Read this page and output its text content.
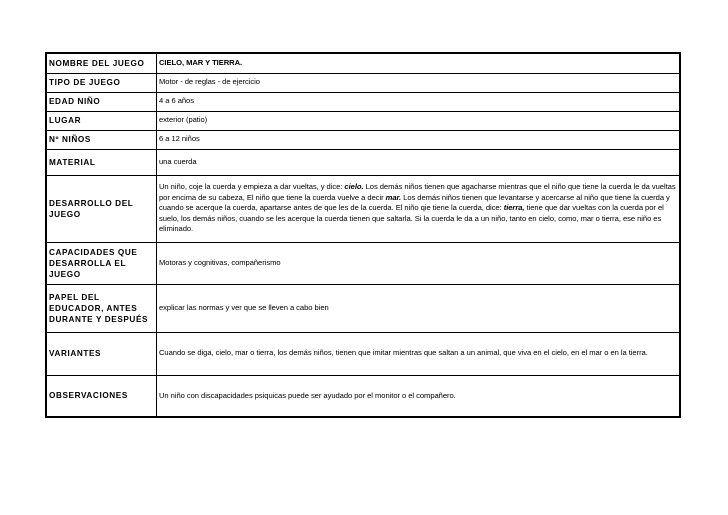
NOMBRE DEL JUEGO	CIELO, MAR Y TIERRA.
TIPO DE JUEGO	Motor - de reglas - de ejercicio
EDAD NIÑO	4 a 6 años
LUGAR	exterior (patio)
Nº NIÑOS	6 a 12 niños
MATERIAL	una cuerda
DESARROLLO DEL JUEGO	Un niño, coje la cuerda y empieza a dar vueltas, y dice: cielo. Los demás niños tienen que agacharse mientras que el niño que tiene la cuerda le da vueltas por encima de su cabeza, El niño que tiene la cuerda vuelve a decir mar. Los demás niños tienen que levantarse y acercarse al niño que tiene la cuerda y cuando se acerque la cuerda, apartarse antes de que les de la cuerda. El niño qie tiene la cuerda, dice: tierra, tiene que dar vueltas con la cuerda por el suelo, los demás niños, cuando se les acerque la cuerda tienen que saltarla. Si la cuerda le da a un niño, tanto en cielo, como, mar o tierra, ese niño es eliminado.
CAPACIDADES QUE DESARROLLA EL JUEGO	Motoras y cognitivas, compañerismo
PAPEL DEL EDUCADOR, ANTES DURANTE Y DESPUÉS	explicar las normas y ver que se lleven a cabo bien
VARIANTES	Cuando se diga, cielo, mar o tierra, los demás niños, tienen que imitar mientras que saltan a un animal, que viva en el cielo, en el mar o en la tierra.
OBSERVACIONES	Un niño con discapacidades psiquicas puede ser ayudado por el monitor o el compañero.
